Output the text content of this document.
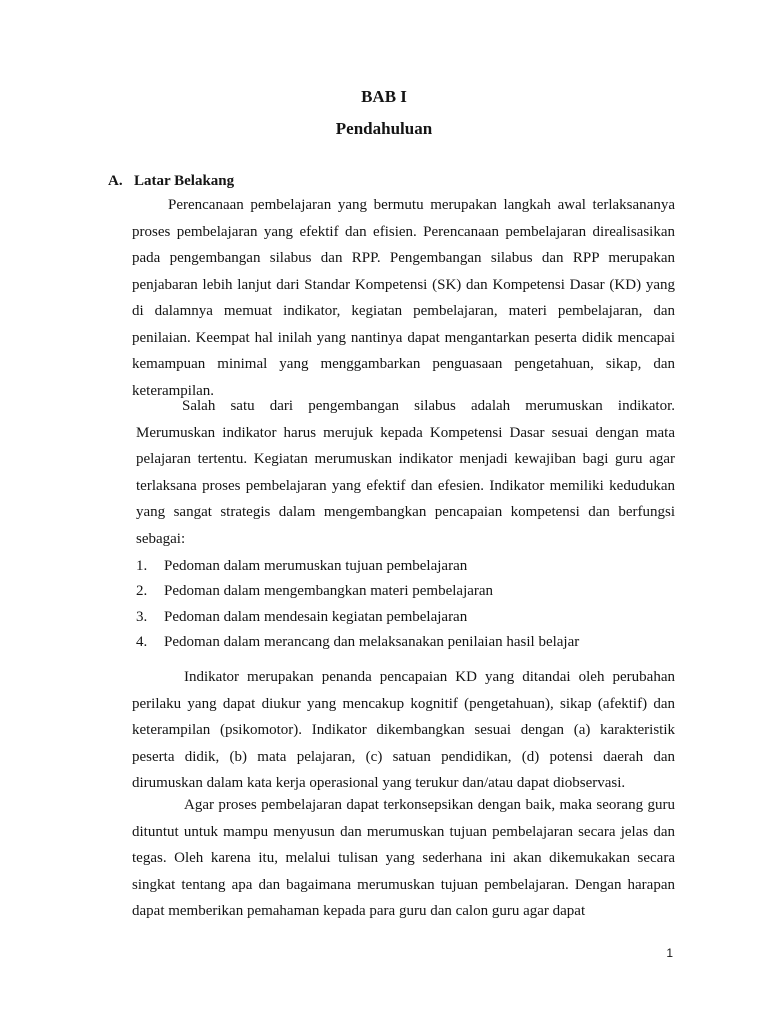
BAB I
Pendahuluan
A. Latar Belakang

Perencanaan pembelajaran yang bermutu merupakan langkah awal terlaksananya proses pembelajaran yang efektif dan efisien. Perencanaan pembelajaran direalisasikan pada pengembangan silabus dan RPP. Pengembangan silabus dan RPP merupakan penjabaran lebih lanjut dari Standar Kompetensi (SK) dan Kompetensi Dasar (KD) yang di dalamnya memuat indikator, kegiatan pembelajaran, materi pembelajaran, dan penilaian. Keempat hal inilah yang nantinya dapat mengantarkan peserta didik mencapai kemampuan minimal yang menggambarkan penguasaan pengetahuan, sikap, dan keterampilan.

Salah satu dari pengembangan silabus adalah merumuskan indikator. Merumuskan indikator harus merujuk kepada Kompetensi Dasar sesuai dengan mata pelajaran tertentu. Kegiatan merumuskan indikator menjadi kewajiban bagi guru agar terlaksana proses pembelajaran yang efektif dan efesien. Indikator memiliki kedudukan yang sangat strategis dalam mengembangkan pencapaian kompetensi dan berfungsi sebagai:

1. Pedoman dalam merumuskan tujuan pembelajaran
2. Pedoman dalam mengembangkan materi pembelajaran
3. Pedoman dalam mendesain kegiatan pembelajaran
4. Pedoman dalam merancang dan melaksanakan penilaian hasil belajar

Indikator merupakan penanda pencapaian KD yang ditandai oleh perubahan perilaku yang dapat diukur yang mencakup kognitif (pengetahuan), sikap (afektif) dan keterampilan (psikomotor). Indikator dikembangkan sesuai dengan (a) karakteristik peserta didik, (b) mata pelajaran, (c) satuan pendidikan, (d) potensi daerah dan dirumuskan dalam kata kerja operasional yang terukur dan/atau dapat diobservasi.

Agar proses pembelajaran dapat terkonsepsikan dengan baik, maka seorang guru dituntut untuk mampu menyusun dan merumuskan tujuan pembelajaran secara jelas dan tegas. Oleh karena itu, melalui tulisan yang sederhana ini akan dikemukakan secara singkat tentang apa dan bagaimana merumuskan tujuan pembelajaran. Dengan harapan dapat memberikan pemahaman kepada para guru dan calon guru agar dapat

1
